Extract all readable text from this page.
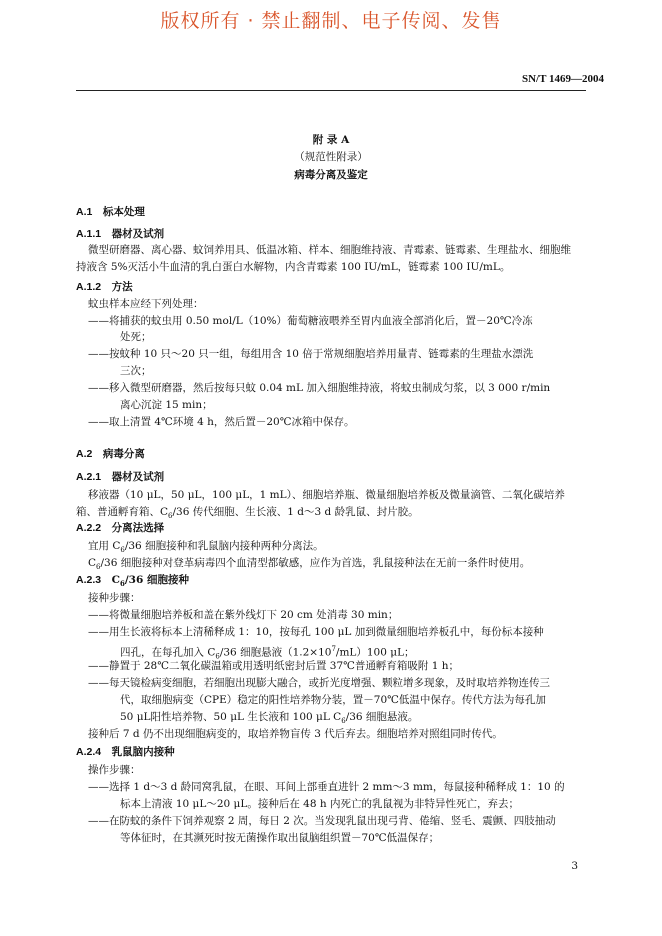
版权所有 · 禁止翻制、电子传阅、发售
SN/T 1469—2004
附 录 A
（规范性附录）
病毒分离及鉴定
A.1　 标本处理
A.1.1　 器材及试剂
微型研磨器、离心器、蚊饲养用具、低温冰箱、样本、细胞维持液、青霉素、链霉素、生理盐水、细胞维
持液含 5%灭活小牛血清的乳白蛋白水解物，内含青霉素 100 IU/mL，链霉素 100 IU/mL。
A.1.2　 方法
蚊虫样本应经下列处理：
——将捕获的蚊虫用 0.50 mol/L（10%）葡萄糖液喂养至胃内血液全部消化后，置－20℃冷冻
处死；
——按蚊种 10 只～20 只一组，每组用含 10 倍于常规细胞培养用量青、链霉素的生理盐水漂洗
三次；
——移入微型研磨器，然后按每只蚊 0.04 mL 加入细胞维持液，将蚊虫制成匀浆，以 3 000 r/min
离心沉淀 15 min；
——取上清置 4℃环境 4 h，然后置－20℃冰箱中保存。
A.2　 病毒分离
A.2.1　 器材及试剂
移液器（10 μL，50 μL，100 μL，1 mL）、细胞培养瓶、微量细胞培养板及微量滴管、二氧化碳培养
箱、普通孵育箱、$C_6/36$ 传代细胞、生长液、1 d～3 d 龄乳鼠、封片胶。
A.2.2　 分离法选择
宜用 $C_6/36$ 细胞接种和乳鼠脑内接种两种分离法。
$C_6/36$ 细胞接种对登革病毒四个血清型都敏感，应作为首选，乳鼠接种法在无前一条件时使用。
A.2.3　 $C_6/36$ 细胞接种
接种步骤：
——将微量细胞培养板和盖在紫外线灯下 20 cm 处消毒 30 min；
——用生长液将标本上清稀释成 1：10，按每孔 100 μL 加到微量细胞培养板孔中，每份标本接种
四孔，在每孔加入 $C_6/36$ 细胞悬液$(1.2\times 10^7/mL)100$ μL；
——静置于 28℃二氧化碳温箱或用透明纸密封后置 37℃普通孵育箱吸附 1 h；
——每天镜检病变细胞，若细胞出现膨大融合，或折光度增强、颗粒增多现象，及时取培养物连传三
代，取细胞病变（CPE）稳定的阳性培养物分装，置－70℃低温中保存。传代方法为每孔加
50 μL阳性培养物、50 μL 生长液和 100 μL $C_6/36$ 细胞悬液。
接种后 7 d 仍不出现细胞病变的，取培养物盲传 3 代后弃去。细胞培养对照组同时传代。
A.2.4　 乳鼠脑内接种
操作步骤：
——选择 1 d～3 d 龄同窝乳鼠，在眼、耳间上部垂直进针 2 mm～3 mm，每鼠接种稀释成 1：10 的
标本上清液 10 μL～20 μL。接种后在 48 h 内死亡的乳鼠视为非特异性死亡，弃去；
——在防蚊的条件下饲养观察 2 周，每日 2 次。当发现乳鼠出现弓背、倦缩、竖毛、震颤、四肢抽动
等体征时，在其濒死时按无菌操作取出鼠脑组织置－70℃低温保存；
3
